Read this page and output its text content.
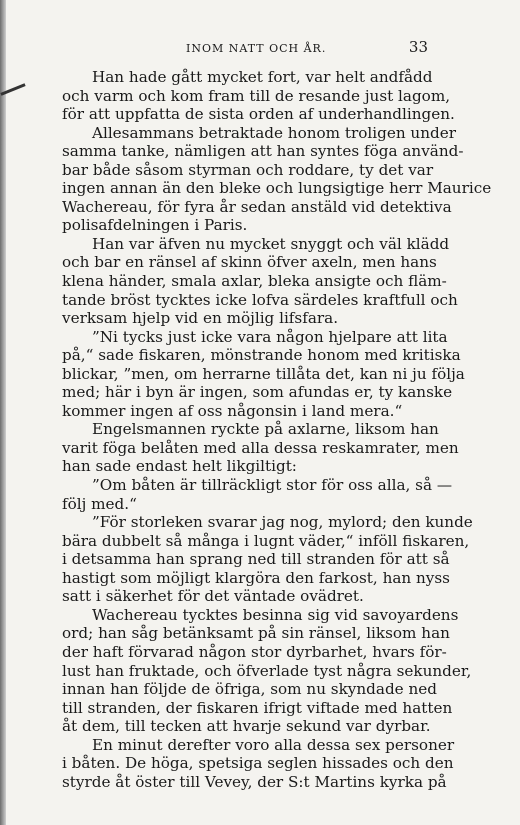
INOM NATT OCH ÅR.	33
Han hade gått mycket fort, var helt andfådd
och varm och kom fram till de resande just lagom,
för att uppfatta de sista orden af underhandlingen.
Allesammans betraktade honom troligen under
samma tanke, nämligen att han syntes föga använd-
bar både såsom styrman och roddare, ty det var
ingen annan än den bleke och lungsigtige herr Maurice
Wachereau, för fyra år sedan anstäld vid detektiva
polisafdelningen i Paris.
Han var äfven nu mycket snyggt och väl klädd
och bar en ränsel af skinn öfver axeln, men hans
klena händer, smala axlar, bleka ansigte och fläm-
tande bröst tycktes icke lofva särdeles kraftfull och
verksam hjelp vid en möjlig lifsfara.
”Ni tycks just icke vara någon hjelpare att lita
på,“ sade fiskaren, mönstrande honom med kritiska
blickar, ”men, om herrarne tillåta det, kan ni ju följa
med; här i byn är ingen, som afundas er, ty kanske
kommer ingen af oss någonsin i land mera.“
Engelsmannen ryckte på axlarne, liksom han
varit föga belåten med alla dessa reskamrater, men
han sade endast helt likgiltigt:
”Om båten är tillräckligt stor för oss alla, så —
följ med.“
”För storleken svarar jag nog, mylord; den kunde
bära dubbelt så många i lugnt väder,“ inföll fiskaren,
i detsamma han sprang ned till stranden för att så
hastigt som möjligt klargöra den farkost, han nyss
satt i säkerhet för det väntade ovädret.
Wachereau tycktes besinna sig vid savoyardens
ord; han såg betänksamt på sin ränsel, liksom han
der haft förvarad någon stor dyrbarhet, hvars för-
lust han fruktade, och öfverlade tyst några sekunder,
innan han följde de öfriga, som nu skyndade ned
till stranden, der fiskaren ifrigt viftade med hatten
åt dem, till tecken att hvarje sekund var dyrbar.
En minut derefter voro alla dessa sex personer
i båten. De höga, spetsiga seglen hissades och den
styrde åt öster till Vevey, der S:t Martins kyrka på
